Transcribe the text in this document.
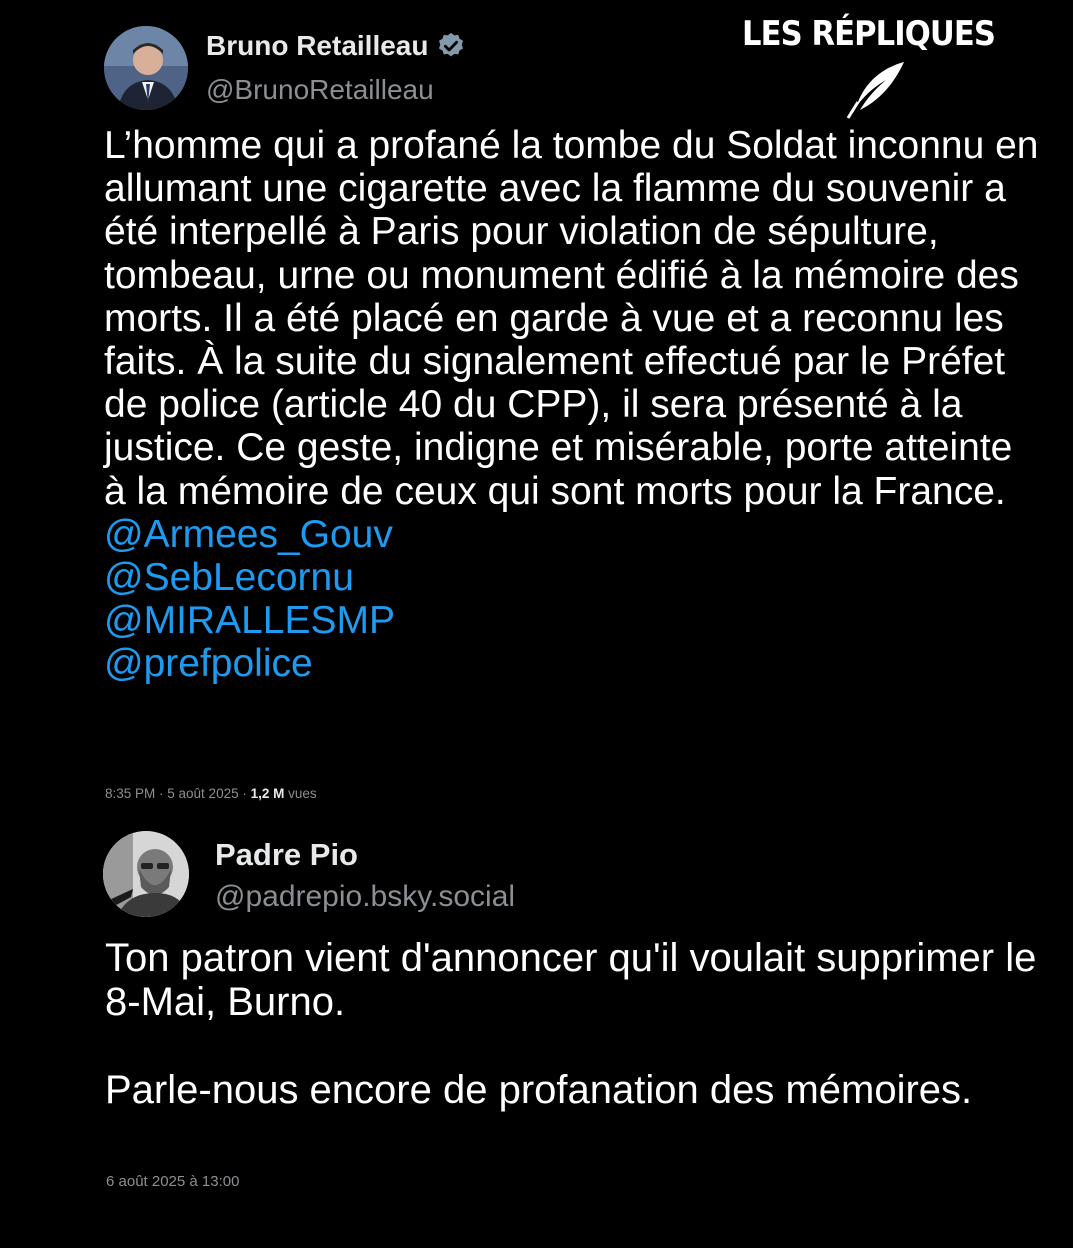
LES RÉPLIQUES
Bruno Retailleau
@BrunoRetailleau
L’homme qui a profané la tombe du Soldat inconnu en allumant une cigarette avec la flamme du souvenir a été interpellé à Paris pour violation de sépulture, tombeau, urne ou monument édifié à la mémoire des morts. Il a été placé en garde à vue et a reconnu les faits. À la suite du signalement effectué par le Préfet de police (article 40 du CPP), il sera présenté à la justice. Ce geste, indigne et misérable, porte atteinte à la mémoire de ceux qui sont morts pour la France.
@Armees_Gouv
@SebLecornu
@MIRALLESMP
@prefpolice
8:35 PM · 5 août 2025 · 1,2 M vues
Padre Pio
@padrepio.bsky.social

Ton patron vient d'annoncer qu'il voulait supprimer le 8-Mai, Burno.

Parle-nous encore de profanation des mémoires.

6 août 2025 à 13:00
